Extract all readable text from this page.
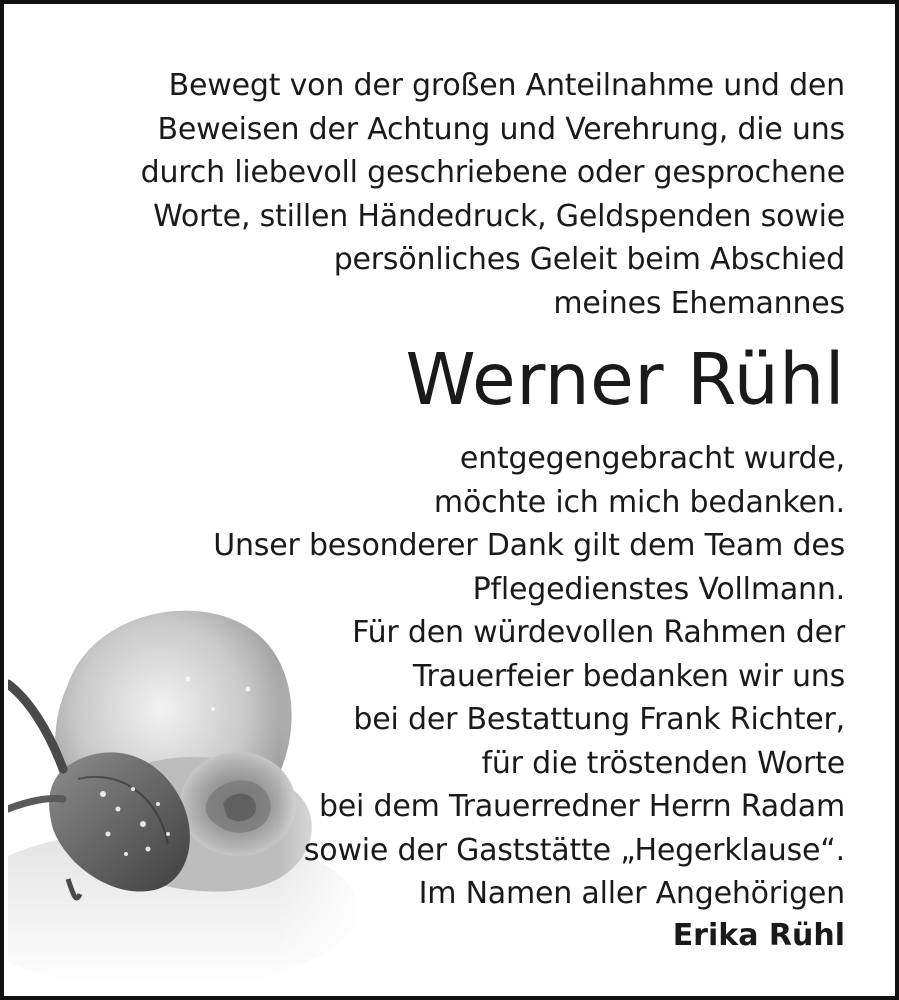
Bewegt von der großen Anteilnahme und den
Beweisen der Achtung und Verehrung, die uns
durch liebevoll geschriebene oder gesprochene
Worte, stillen Händedruck, Geldspenden sowie
persönliches Geleit beim Abschied
meines Ehemannes
Werner Rühl
entgegengebracht wurde,
möchte ich mich bedanken.
Unser besonderer Dank gilt dem Team des
Pflegedienstes Vollmann.
Für den würdevollen Rahmen der
Trauerfeier bedanken wir uns
bei der Bestattung Frank Richter,
für die tröstenden Worte
bei dem Trauerredner Herrn Radam
sowie der Gaststätte „Hegerklause“.
Im Namen aller Angehörigen
Erika Rühl
